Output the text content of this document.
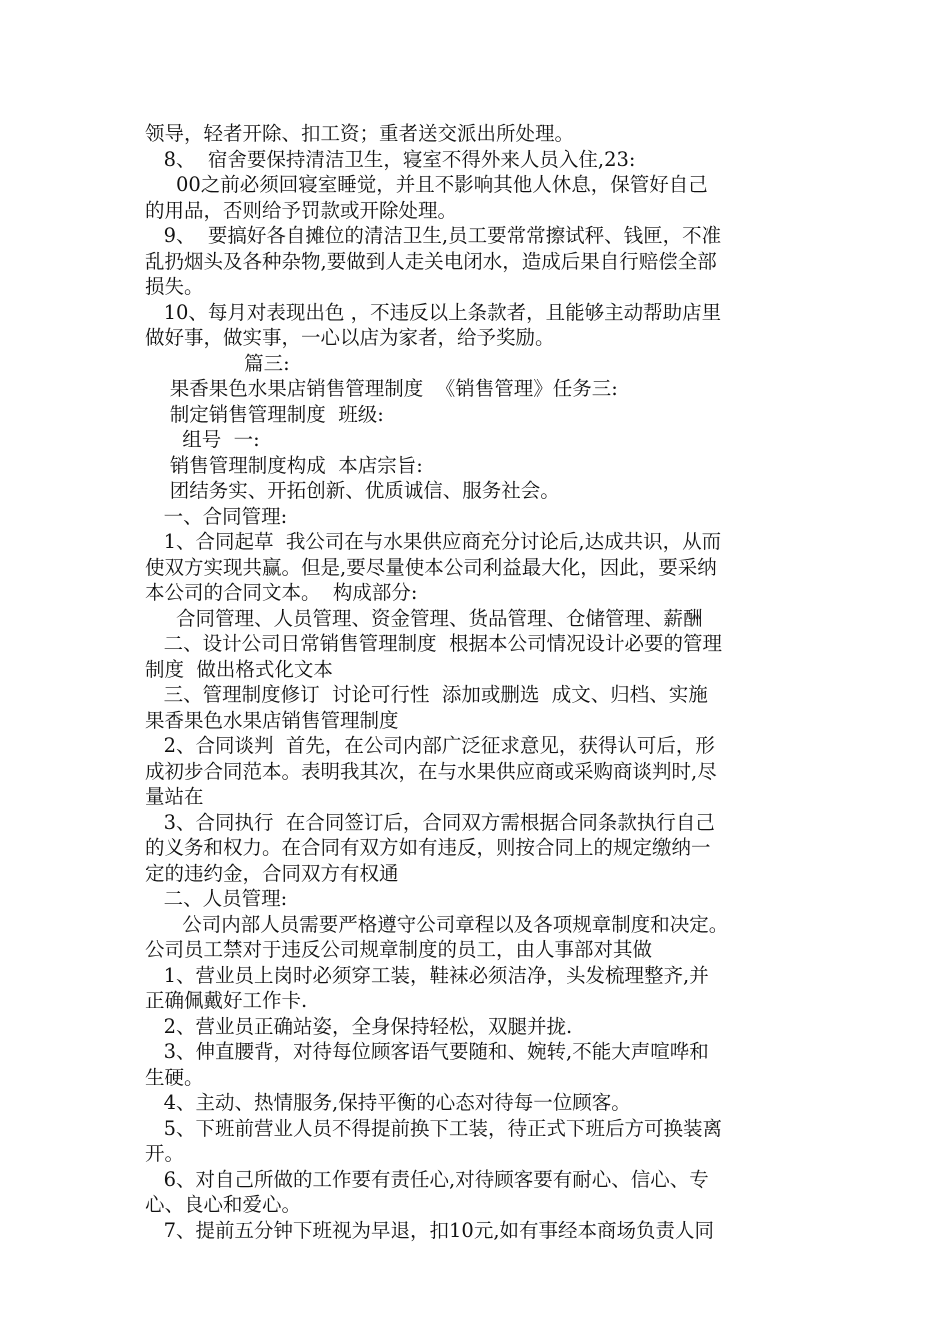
领导，轻者开除、扣工资；重者送交派出所处理。
8、  宿舍要保持清洁卫生，寝室不得外来人员入住,23:
00之前必须回寝室睡觉，并且不影响其他人休息，保管好自己
的用品，否则给予罚款或开除处理。
9、  要搞好各自摊位的清洁卫生,员工要常常擦试秤、钱匣，不准
乱扔烟头及各种杂物,要做到人走关电闭水，造成后果自行赔偿全部
损失。
10、每月对表现出色 ，不违反以上条款者，且能够主动帮助店里
做好事，做实事，一心以店为家者，给予奖励。
篇三:
果香果色水果店销售管理制度  《销售管理》任务三:
制定销售管理制度  班级:
组号  一:
销售管理制度构成  本店宗旨:
团结务实、开拓创新、优质诚信、服务社会。
一、合同管理:
1、合同起草  我公司在与水果供应商充分讨论后,达成共识，从而
使双方实现共赢。但是,要尽量使本公司利益最大化，因此，要采纳
本公司的合同文本。  构成部分:
合同管理、人员管理、资金管理、货品管理、仓储管理、薪酬
二、设计公司日常销售管理制度  根据本公司情况设计必要的管理
制度  做出格式化文本
三、管理制度修订  讨论可行性  添加或删选  成文、归档、实施
果香果色水果店销售管理制度
2、合同谈判  首先，在公司内部广泛征求意见，获得认可后，形
成初步合同范本。表明我其次，在与水果供应商或采购商谈判时,尽
量站在
3、合同执行  在合同签订后，合同双方需根据合同条款执行自己
的义务和权力。在合同有双方如有违反，则按合同上的规定缴纳一
定的违约金，合同双方有权通
二、人员管理:
公司内部人员需要严格遵守公司章程以及各项规章制度和决定。
公司员工禁对于违反公司规章制度的员工，由人事部对其做
1、营业员上岗时必须穿工装，鞋袜必须洁净，头发梳理整齐,并
正确佩戴好工作卡.
2、营业员正确站姿，全身保持轻松，双腿并拢.
3、伸直腰背，对待每位顾客语气要随和、婉转,不能大声喧哗和
生硬。
4、主动、热情服务,保持平衡的心态对待每一位顾客。
5、下班前营业人员不得提前换下工装，待正式下班后方可换装离
开。
6、对自己所做的工作要有责任心,对待顾客要有耐心、信心、专
心、良心和爱心。
7、提前五分钟下班视为早退，扣10元,如有事经本商场负责人同
